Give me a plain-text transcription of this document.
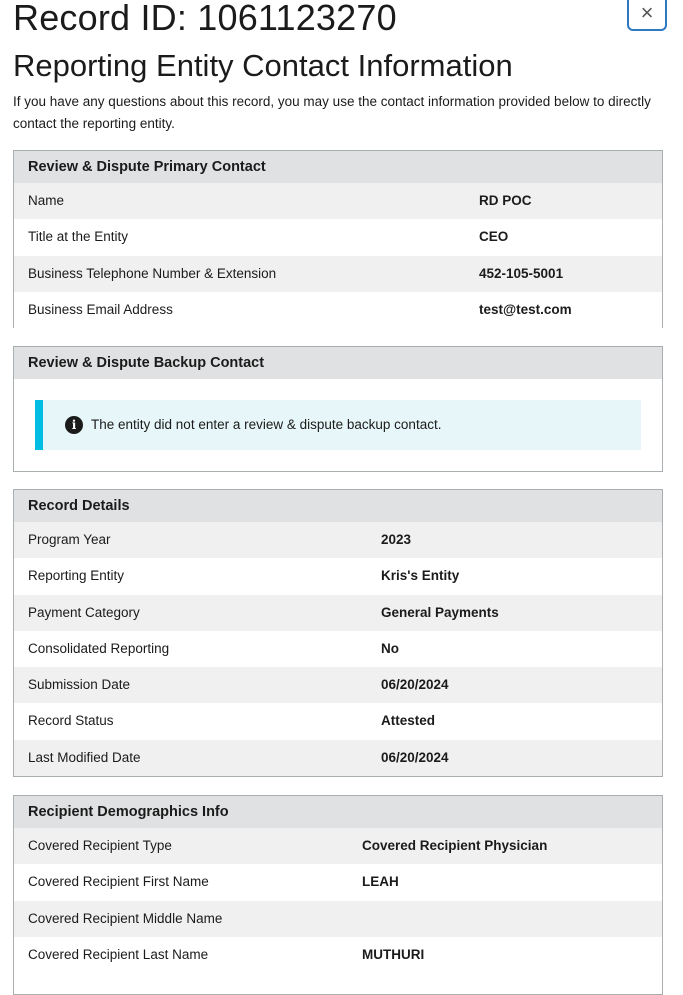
Record ID: 1061123270	×
Reporting Entity Contact Information

If you have any questions about this record, you may use the contact information provided below to directly contact the reporting entity.

Review & Dispute Primary Contact
Name	RD POC
Title at the Entity	CEO
Business Telephone Number & Extension	452-105-5001
Business Email Address	test@test.com
Review & Dispute Backup Contact
i	The entity did not enter a review & dispute backup contact.
Record Details
Program Year	2023
Reporting Entity	Kris's Entity
Payment Category	General Payments
Consolidated Reporting	No
Submission Date	06/20/2024
Record Status	Attested
Last Modified Date	06/20/2024
Recipient Demographics Info
Covered Recipient Type	Covered Recipient Physician
Covered Recipient First Name	LEAH
Covered Recipient Middle Name
Covered Recipient Last Name	MUTHURI
